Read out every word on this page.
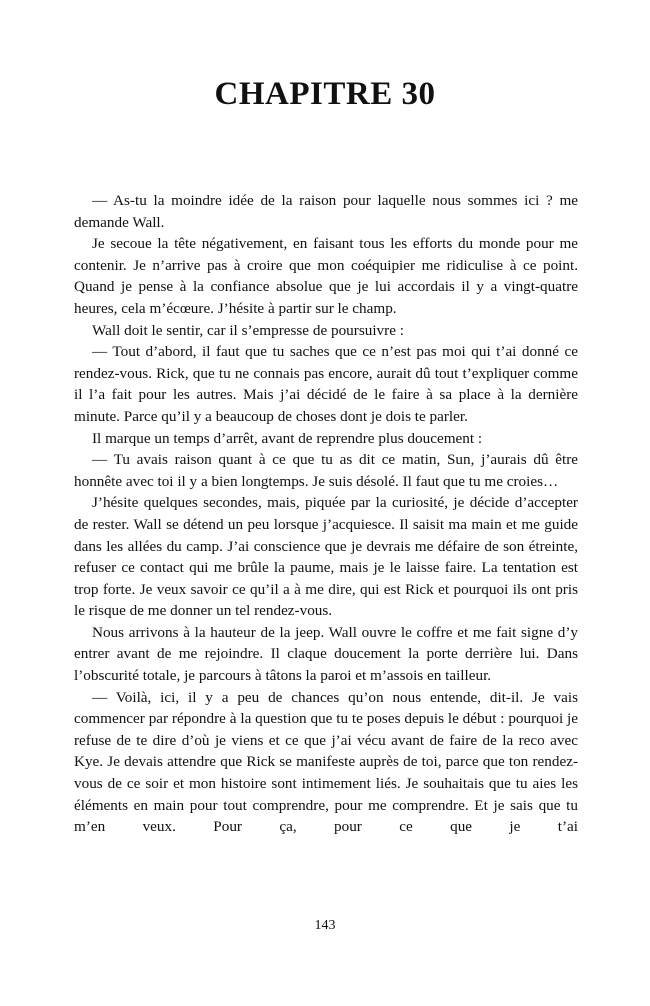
CHAPITRE 30

— As-tu la moindre idée de la raison pour laquelle nous sommes ici ? me demande Wall.

Je secoue la tête négativement, en faisant tous les efforts du monde pour me contenir. Je n’arrive pas à croire que mon coéquipier me ridiculise à ce point. Quand je pense à la confiance absolue que je lui accordais il y a vingt-quatre heures, cela m’écœure. J’hésite à partir sur le champ.

Wall doit le sentir, car il s’empresse de poursuivre :

— Tout d’abord, il faut que tu saches que ce n’est pas moi qui t’ai donné ce rendez-vous. Rick, que tu ne connais pas encore, aurait dû tout t’expliquer comme il l’a fait pour les autres. Mais j’ai décidé de le faire à sa place à la dernière minute. Parce qu’il y a beaucoup de choses dont je dois te parler.

Il marque un temps d’arrêt, avant de reprendre plus doucement :

— Tu avais raison quant à ce que tu as dit ce matin, Sun, j’aurais dû être honnête avec toi il y a bien longtemps. Je suis désolé. Il faut que tu me croies…

J’hésite quelques secondes, mais, piquée par la curiosité, je décide d’accepter de rester. Wall se détend un peu lorsque j’acquiesce. Il saisit ma main et me guide dans les allées du camp. J’ai conscience que je devrais me défaire de son étreinte, refuser ce contact qui me brûle la paume, mais je le laisse faire. La tentation est trop forte. Je veux savoir ce qu’il a à me dire, qui est Rick et pourquoi ils ont pris le risque de me donner un tel rendez-vous.

Nous arrivons à la hauteur de la jeep. Wall ouvre le coffre et me fait signe d’y entrer avant de me rejoindre. Il claque doucement la porte derrière lui. Dans l’obscurité totale, je parcours à tâtons la paroi et m’assois en tailleur.

— Voilà, ici, il y a peu de chances qu’on nous entende, dit-il. Je vais commencer par répondre à la question que tu te poses depuis le début : pourquoi je refuse de te dire d’où je viens et ce que j’ai vécu avant de faire de la reco avec Kye. Je devais attendre que Rick se manifeste auprès de toi, parce que ton rendez-vous de ce soir et mon histoire sont intimement liés. Je souhaitais que tu aies les éléments en main pour tout comprendre, pour me comprendre. Et je sais que tu m’en veux. Pour ça, pour ce que je t’ai

143
